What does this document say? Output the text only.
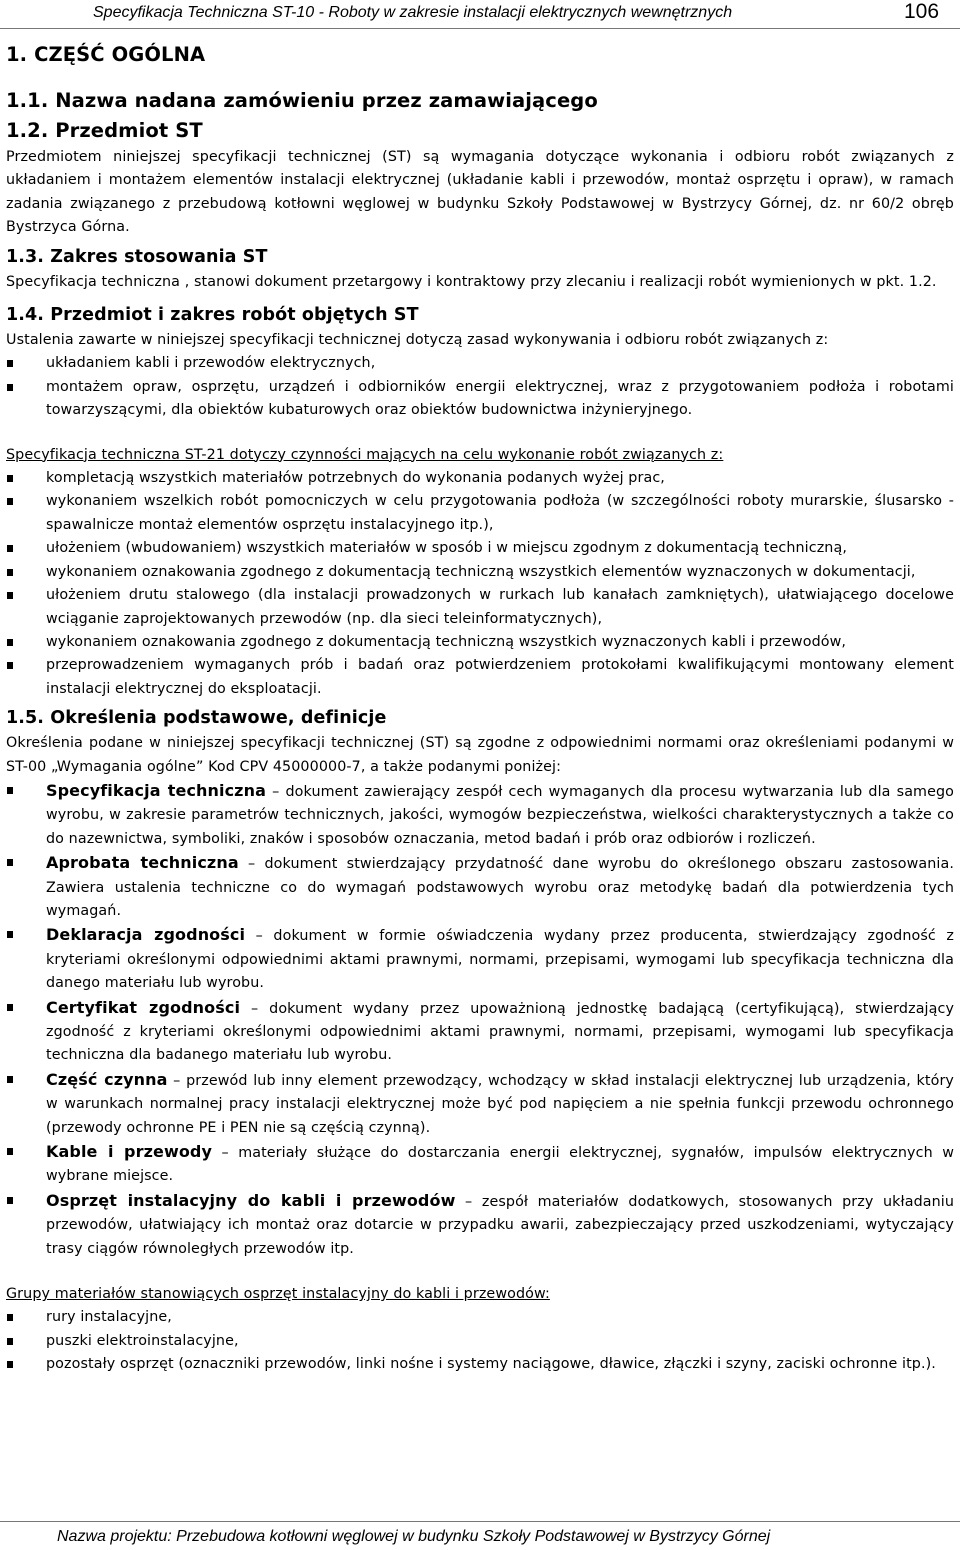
Specyfikacja Techniczna ST-10 - Roboty w zakresie instalacji elektrycznych wewnętrznych	106
1. CZĘŚĆ OGÓLNA
1.1. Nazwa nadana zamówieniu przez zamawiającego
1.2. Przedmiot ST

Przedmiotem niniejszej specyfikacji technicznej (ST) są wymagania dotyczące wykonania i odbioru robót związanych z układaniem i montażem elementów instalacji elektrycznej (układanie kabli i przewodów, montaż osprzętu i opraw), w ramach zadania związanego z przebudową kotłowni węglowej w budynku Szkoły Podstawowej w Bystrzycy Górnej, dz. nr 60/2 obręb Bystrzyca Górna.

1.3. Zakres stosowania ST

Specyfikacja techniczna , stanowi dokument przetargowy i kontraktowy przy zlecaniu i realizacji robót wymienionych w pkt. 1.2.

1.4. Przedmiot i zakres robót objętych ST

Ustalenia zawarte w niniejszej specyfikacji technicznej dotyczą zasad wykonywania i odbioru robót związanych z:

układaniem kabli i przewodów elektrycznych,
montażem opraw, osprzętu, urządzeń i odbiorników energii elektrycznej, wraz z przygotowaniem podłoża i robotami towarzyszącymi, dla obiektów kubaturowych oraz obiektów budownictwa inżynieryjnego.

Specyfikacja techniczna ST-21 dotyczy czynności mających na celu wykonanie robót związanych z:

kompletacją wszystkich materiałów potrzebnych do wykonania podanych wyżej prac,
wykonaniem wszelkich robót pomocniczych w celu przygotowania podłoża (w szczególności roboty murarskie, ślusarsko - spawalnicze montaż elementów osprzętu instalacyjnego itp.),
ułożeniem (wbudowaniem) wszystkich materiałów w sposób i w miejscu zgodnym z dokumentacją techniczną,
wykonaniem oznakowania zgodnego z dokumentacją techniczną wszystkich elementów wyznaczonych w dokumentacji,
ułożeniem drutu stalowego (dla instalacji prowadzonych w rurkach lub kanałach zamkniętych), ułatwiającego docelowe wciąganie zaprojektowanych przewodów (np. dla sieci teleinformatycznych),
wykonaniem oznakowania zgodnego z dokumentacją techniczną wszystkich wyznaczonych kabli i przewodów,
przeprowadzeniem wymaganych prób i badań oraz potwierdzeniem protokołami kwalifikującymi montowany element instalacji elektrycznej do eksploatacji.
1.5. Określenia podstawowe, definicje

Określenia podane w niniejszej specyfikacji technicznej (ST) są zgodne z odpowiednimi normami oraz określeniami podanymi w ST-00 „Wymagania ogólne” Kod CPV 45000000-7, a także podanymi poniżej:

Specyfikacja techniczna – dokument zawierający zespół cech wymaganych dla procesu wytwarzania lub dla samego wyrobu, w zakresie parametrów technicznych, jakości, wymogów bezpieczeństwa, wielkości charakterystycznych a także co do nazewnictwa, symboliki, znaków i sposobów oznaczania, metod badań i prób oraz odbiorów i rozliczeń.
Aprobata techniczna – dokument stwierdzający przydatność dane wyrobu do określonego obszaru zastosowania. Zawiera ustalenia techniczne co do wymagań podstawowych wyrobu oraz metodykę badań dla potwierdzenia tych wymagań.
Deklaracja zgodności – dokument w formie oświadczenia wydany przez producenta, stwierdzający zgodność z kryteriami określonymi odpowiednimi aktami prawnymi, normami, przepisami, wymogami lub specyfikacja techniczna dla danego materiału lub wyrobu.
Certyfikat zgodności – dokument wydany przez upoważnioną jednostkę badającą (certyfikującą), stwierdzający zgodność z kryteriami określonymi odpowiednimi aktami prawnymi, normami, przepisami, wymogami lub specyfikacja techniczna dla badanego materiału lub wyrobu.
Część czynna – przewód lub inny element przewodzący, wchodzący w skład instalacji elektrycznej lub urządzenia, który w warunkach normalnej pracy instalacji elektrycznej może być pod napięciem a nie spełnia funkcji przewodu ochronnego (przewody ochronne PE i PEN nie są częścią czynną).
Kable i przewody – materiały służące do dostarczania energii elektrycznej, sygnałów, impulsów elektrycznych w wybrane miejsce.
Osprzęt instalacyjny do kabli i przewodów – zespół materiałów dodatkowych, stosowanych przy układaniu przewodów, ułatwiający ich montaż oraz dotarcie w przypadku awarii, zabezpieczający przed uszkodzeniami, wytyczający trasy ciągów równoległych przewodów itp.

Grupy materiałów stanowiących osprzęt instalacyjny do kabli i przewodów:

rury instalacyjne,
puszki elektroinstalacyjne,
pozostały osprzęt (oznaczniki przewodów, linki nośne i systemy naciągowe, dławice, złączki i szyny, zaciski ochronne itp.).
Nazwa projektu: Przebudowa kotłowni węglowej w budynku Szkoły Podstawowej w Bystrzycy Górnej
